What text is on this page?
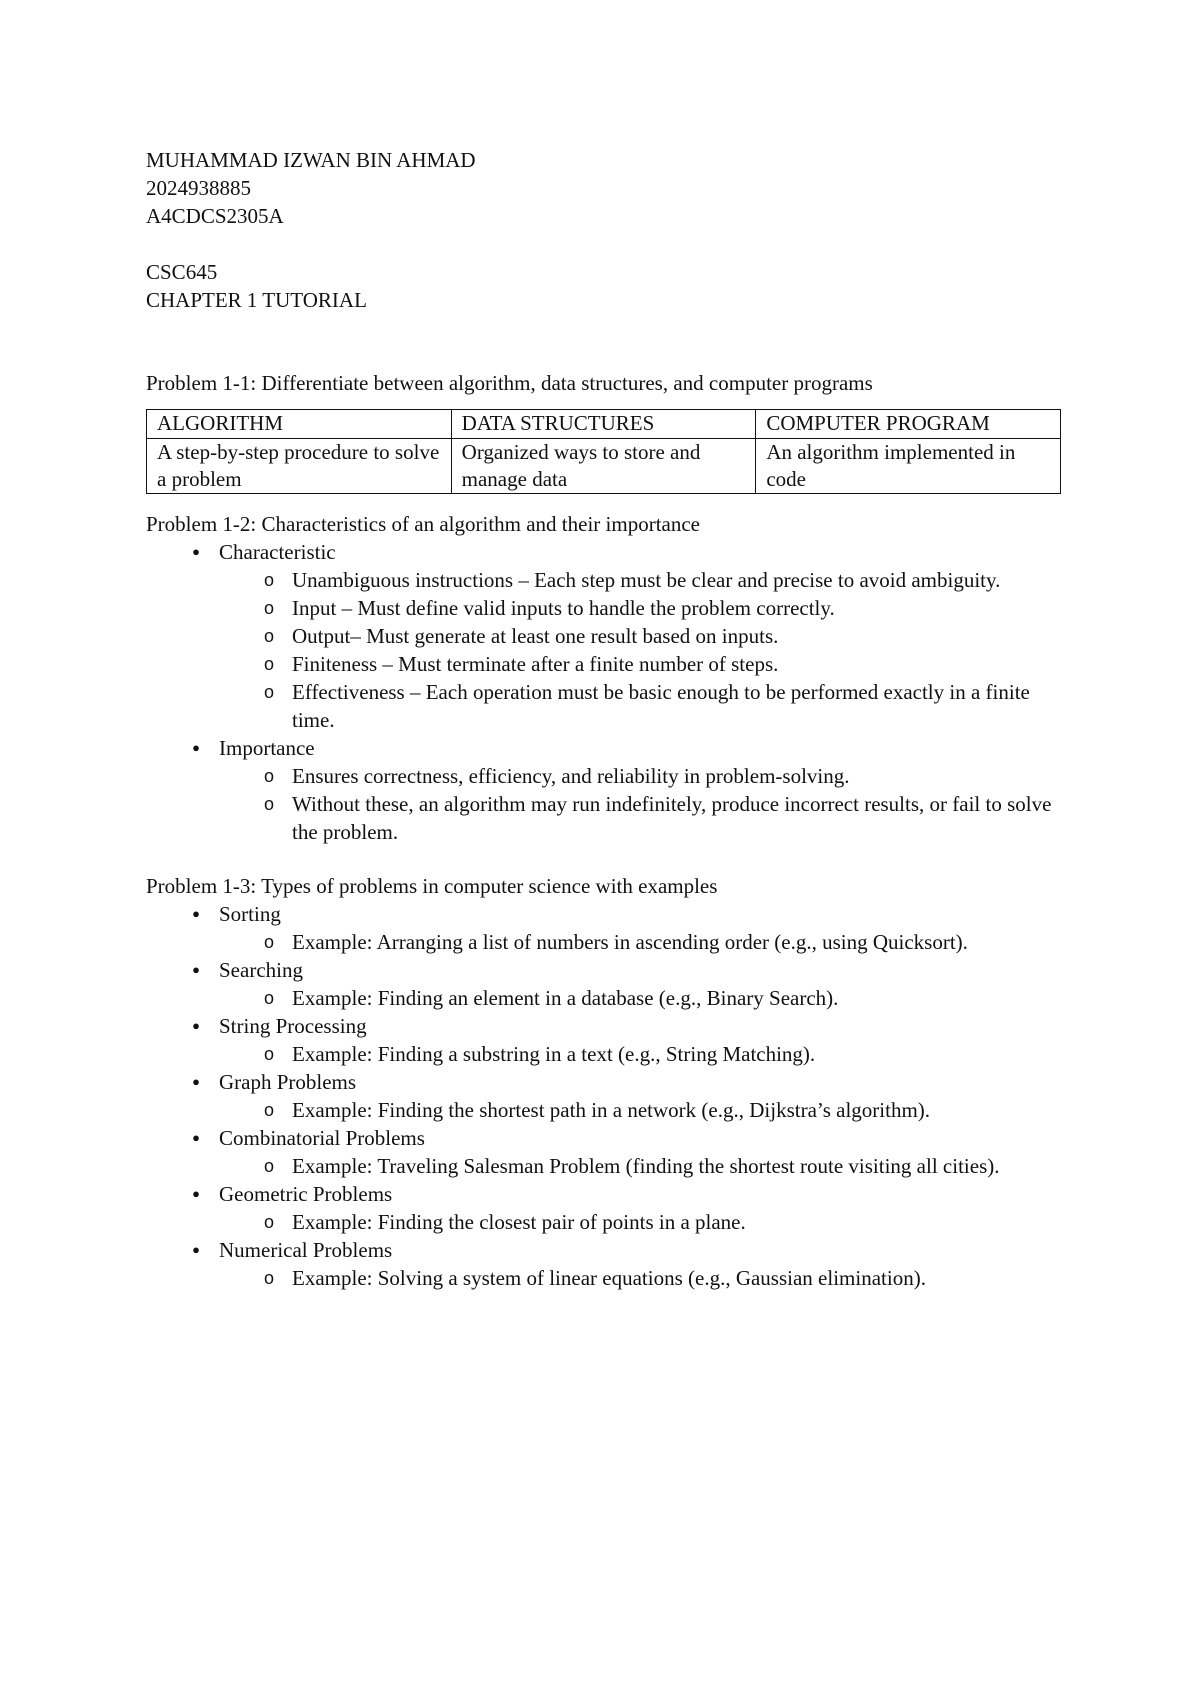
MUHAMMAD IZWAN BIN AHMAD
2024938885
A4CDCS2305A
CSC645
CHAPTER 1 TUTORIAL
Problem 1-1: Differentiate between algorithm, data structures, and computer programs
ALGORITHM	DATA STRUCTURES	COMPUTER PROGRAM
A step-by-step procedure to solve a problem	Organized ways to store and manage data	An algorithm implemented in code
Problem 1-2: Characteristics of an algorithm and their importance
● Characteristic
o Unambiguous instructions – Each step must be clear and precise to avoid ambiguity.
o Input – Must define valid inputs to handle the problem correctly.
o Output– Must generate at least one result based on inputs.
o Finiteness – Must terminate after a finite number of steps.
o Effectiveness – Each operation must be basic enough to be performed exactly in a finite time.
● Importance
o Ensures correctness, efficiency, and reliability in problem-solving.
o Without these, an algorithm may run indefinitely, produce incorrect results, or fail to solve the problem.
Problem 1-3: Types of problems in computer science with examples
● Sorting
o Example: Arranging a list of numbers in ascending order (e.g., using Quicksort).
● Searching
o Example: Finding an element in a database (e.g., Binary Search).
● String Processing
o Example: Finding a substring in a text (e.g., String Matching).
● Graph Problems
o Example: Finding the shortest path in a network (e.g., Dijkstra’s algorithm).
● Combinatorial Problems
o Example: Traveling Salesman Problem (finding the shortest route visiting all cities).
● Geometric Problems
o Example: Finding the closest pair of points in a plane.
● Numerical Problems
o Example: Solving a system of linear equations (e.g., Gaussian elimination).
